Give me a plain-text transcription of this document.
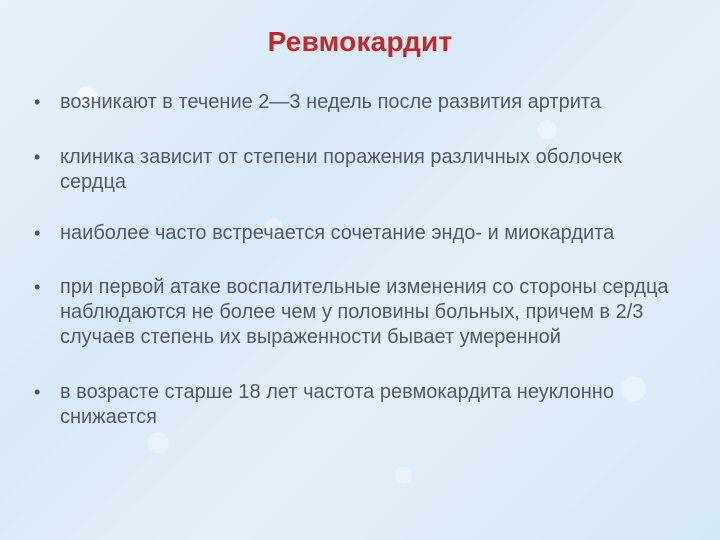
Ревмокардит
• возникают в течение 2—3 недель после развития артрита
• клиника зависит от степени поражения различных оболочек сердца
• наиболее часто встречается сочетание эндо- и миокардита
• при первой атаке воспалительные изменения со стороны сердца наблюдаются не более чем у половины больных, причем в 2/3 случаев степень их выраженности бывает умеренной
• в возрасте старше 18 лет частота ревмокардита неуклонно снижается
